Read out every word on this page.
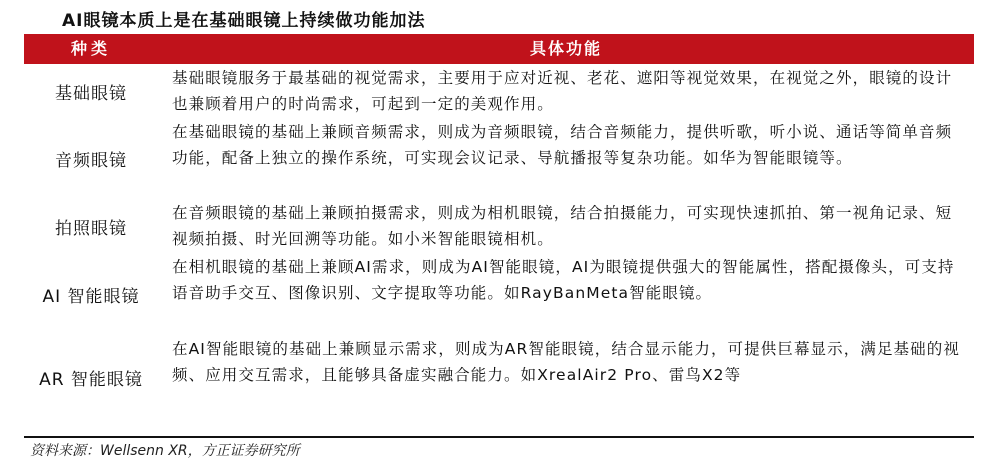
AI眼镜本质上是在基础眼镜上持续做功能加法
种类	具体功能
基础眼镜
基础眼镜服务于最基础的视觉需求，主要用于应对近视、老花、遮阳等视觉效果，在视觉之外，眼镜的设计也兼顾着用户的时尚需求，可起到一定的美观作用。
音频眼镜
在基础眼镜的基础上兼顾音频需求，则成为音频眼镜，结合音频能力，提供听歌，听小说、通话等简单音频功能，配备上独立的操作系统，可实现会议记录、导航播报等复杂功能。如华为智能眼镜等。
拍照眼镜
在音频眼镜的基础上兼顾拍摄需求，则成为相机眼镜，结合拍摄能力，可实现快速抓拍、第一视角记录、短视频拍摄、时光回溯等功能。如小米智能眼镜相机。
AI 智能眼镜
在相机眼镜的基础上兼顾AI需求，则成为AI智能眼镜，AI为眼镜提供强大的智能属性，搭配摄像头，可支持语音助手交互、图像识别、文字提取等功能。如RayBanMeta智能眼镜。
AR 智能眼镜
在AI智能眼镜的基础上兼顾显示需求，则成为AR智能眼镜，结合显示能力，可提供巨幕显示，满足基础的视频、应用交互需求，且能够具备虚实融合能力。如XrealAir2 Pro、雷鸟X2等
资料来源：Wellsenn XR，方正证券研究所
